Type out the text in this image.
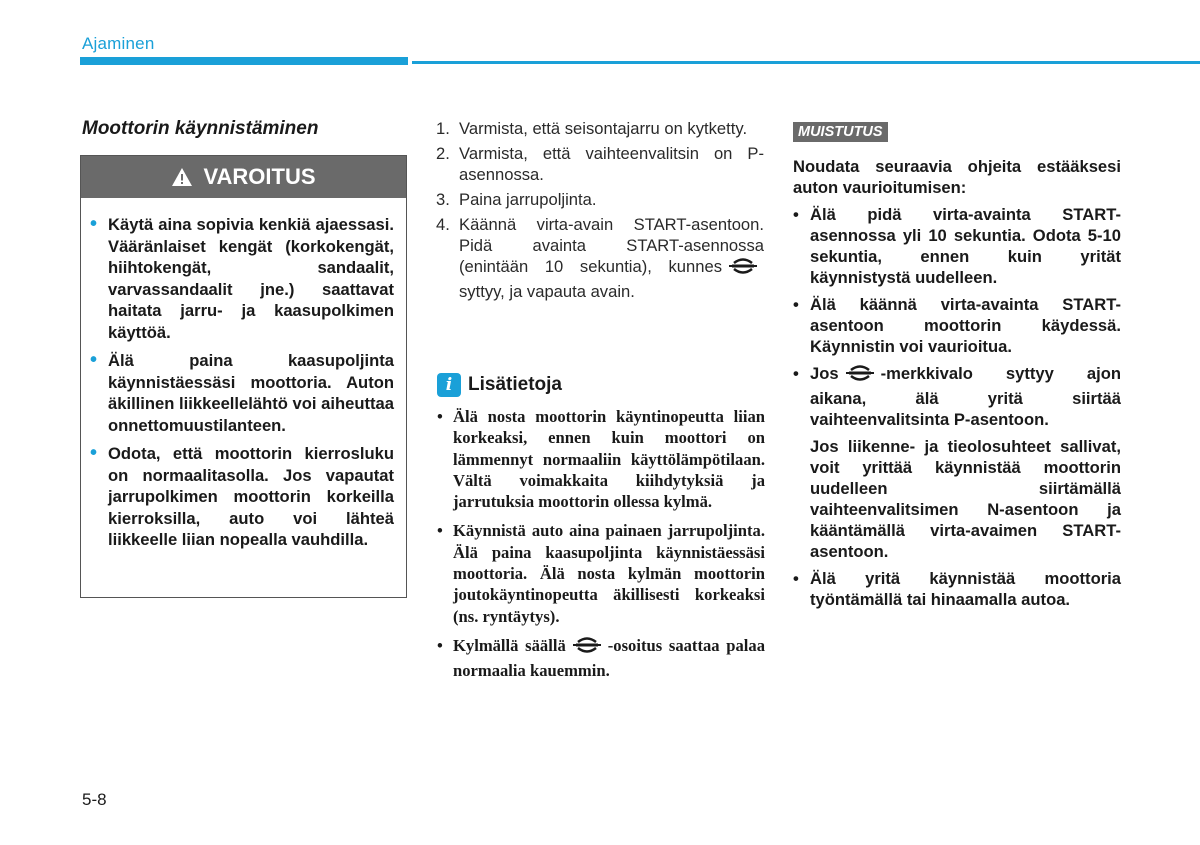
Ajaminen
Moottorin käynnistäminen
VAROITUS
• Käytä aina sopivia kenkiä ajaessasi. Vääränlaiset kengät (korkokengät, hiihtokengät, sandaalit, varvassandaalit jne.) saattavat haitata jarru- ja kaasupolkimen käyttöä.
• Älä paina kaasupoljinta käynnistäessäsi moottoria. Auton äkillinen liikkeellelähtö voi aiheuttaa onnettomuustilanteen.
• Odota, että moottorin kierrosluku on normaalitasolla. Jos vapautat jarrupolkimen moottorin korkeilla kierroksilla, auto voi lähteä liikkeelle liian nopealla vauhdilla.
1. Varmista, että seisontajarru on kytketty.
2. Varmista, että vaihteenvalitsin on P-asennossa.
3. Paina jarrupoljinta.
4. Käännä virta-avain START-asentoon. Pidä avainta START-asennossa (enintään 10 sekuntia), kunnessyttyy, ja vapauta avain.
i Lisätietoja
• Älä nosta moottorin käyntinopeutta liian korkeaksi, ennen kuin moottori on lämmennyt normaaliin käyttölämpötilaan. Vältä voimakkaita kiihdytyksiä ja jarrutuksia moottorin ollessa kylmä.
• Käynnistä auto aina painaen jarrupoljinta. Älä paina kaasupoljinta käynnistäessäsi moottoria. Älä nosta kylmän moottorin joutokäyntinopeutta äkillisesti korkeaksi (ns. ryntäytys).
• Kylmällä säällä	-osoitus saattaa palaa normaalia kauemmin.
MUISTUTUS
Noudata seuraavia ohjeita estääksesi auton vaurioitumisen:
• Älä pidä virta-avainta START-asennossa yli 10 sekuntia. Odota 5-10 sekuntia, ennen kuin yrität käynnistystä uudelleen.
• Älä käännä virta-avainta START-asentoon moottorin käydessä. Käynnistin voi vaurioitua.
• Jos	-merkkivalo syttyy ajon aikana, älä yritä siirtää vaihteenvalitsinta P-asentoon.
Jos liikenne- ja tieolosuhteet sallivat, voit yrittää käynnistää moottorin uudelleen siirtämällä vaihteenvalitsimen N-asentoon ja kääntämällä virta-avaimen START-asentoon.
• Älä yritä käynnistää moottoria työntämällä tai hinaamalla autoa.
5-8
